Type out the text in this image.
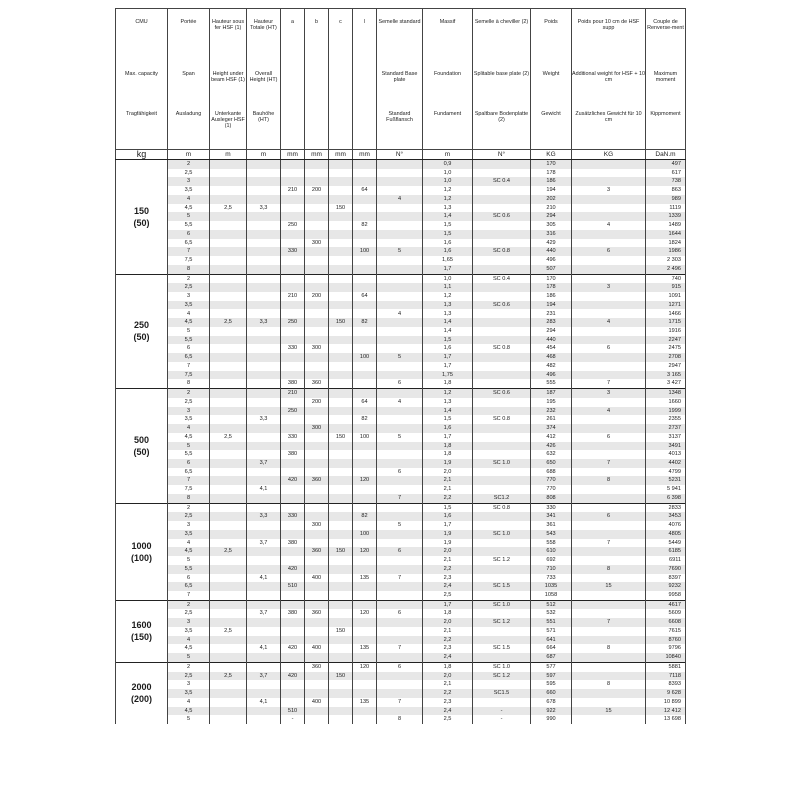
CMU	Portée	Hauteur sous fer HSF (1)	Hauteur Totale (HT)	a	b	c	l	Semelle standard	Massif	Semelle à cheviller (2)	Poids	Poids pour 10 cm de HSF supp	Couple de Renverse-ment
Max. capacity	Span	Height under beam HSF (1)	Overall Height (HT)					Standard Base plate	Foundation	Splitable base plate (2)	Weight	Additional weight for HSF + 10 cm	Maximum moment
Tragfähigkeit	Ausladung	Unterkante Ausleger HSF (1)	Bauhöhe (HT)					Standard Fußflansch	Fundament	Spaltbare Bodenplatte (2)	Gewicht	Zusätzliches Gewicht für 10 cm	Kippmoment
kg	m	m	m	mm	mm	mm	mm	N°	m	N°	KG	KG	DaN.m

150
(50)	2								0,9		170		497
	2,5								1,0		178		617
	3								1,0	SC 0.4	186		738
	3,5			210	200		64		1,2		194	3	863
	4							4	1,2		202		989
	4,5	2,5	3,3			150			1,3		210		1119
	5								1,4	SC 0.6	294		1339
	5,5			250			82		1,5		305	4	1489
	6								1,5		316		1644
	6,5				300				1,6		429		1824
	7			330			100	5	1,6	SC 0.8	440	6	1986
	7,5								1,65		496		2 303
	8								1,7		507		2 496

250
(50)	2								1,0	SC 0.4	170		740
	2,5								1,1		178	3	915
	3			210	200		64		1,2		186		1091
	3,5								1,3	SC 0.6	194		1271
	4							4	1,3		231		1466
	4,5	2,5	3,3	250		150	82		1,4		283	4	1715
	5								1,4		294		1916
	5,5								1,5		440		2247
	6			330	300				1,6	SC 0.8	454	6	2475
	6,5						100	5	1,7		468		2708
	7								1,7		482		2947
	7,5								1,75		496		3 165
	8			380	360			6	1,8		555	7	3 427

500
(50)	2			210					1,2	SC 0.6	187	3	1348
	2,5				200		64	4	1,3		195		1660
	3			250					1,4		232	4	1999
	3,5		3,3				82		1,5	SC 0.8	261		2355
	4				300				1,6		374		2737
	4,5	2,5		330		150	100	5	1,7		412	6	3137
	5								1,8		426		3491
	5,5			380					1,8		632		4013
	6		3,7						1,9	SC 1.0	650	7	4402
	6,5							6	2,0		688		4799
	7			420	360		120		2,1		770	8	5231
	7,5		4,1						2,1		770		5 941
	8							7	2,2	SC1.2	808		6 398

1000
(100)	2								1,5	SC 0.8	330		2833
	2,5		3,3	330			82		1,6		341	6	3453
	3				300			5	1,7		361		4076
	3,5						100		1,9	SC 1.0	543		4805
	4		3,7	380					1,9		558	7	5449
	4,5	2,5			360	150	120	6	2,0		610		6185
	5								2,1	SC 1.2	692		6911
	5,5			420					2,2		710	8	7690
	6		4,1		400		135	7	2,3		733		8397
	6,5			510					2,4	SC 1.5	1035	15	9232
	7								2,5		1058		9958

1600
(150)	2								1,7	SC 1.0	512		4617
	2,5		3,7	380	360		120	6	1,8		532		5609
	3								2,0	SC 1.2	551	7	6608
	3,5	2,5				150			2,1		571		7615
	4								2,2		641		8760
	4,5		4,1	420	400		135	7	2,3	SC 1.5	664	8	9796
	5								2,4		687		10840

2000
(200)	2				360		120	6	1,8	SC 1.0	577		5881
	2,5	2,5	3,7	420		150			2,0	SC 1.2	597		7118
	3								2,1		595	8	8393
	3,5								2,2	SC1.5	660		9 628
	4		4,1		400		135	7	2,3		678		10 899
	4,5			510					2,4	-	922	15	12 412
	5			-				8	2,5	-	990		13 698
